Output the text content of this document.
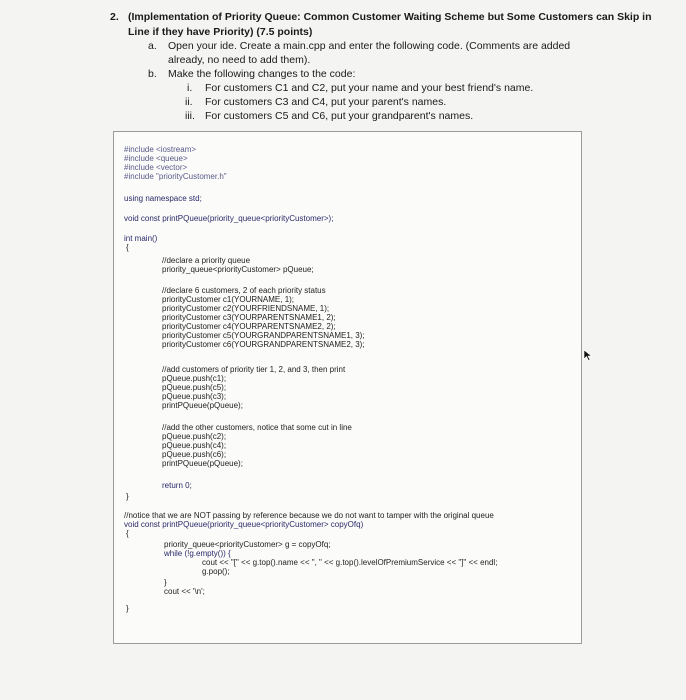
2. (Implementation of Priority Queue: Common Customer Waiting Scheme but Some Customers can Skip in Line if they have Priority) (7.5 points)
a. Open your ide. Create a main.cpp and enter the following code. (Comments are added
already, no need to add them).
b. Make the following changes to the code:
i. For customers C1 and C2, put your name and your best friend's name.
ii. For customers C3 and C4, put your parent's names.
iii. For customers C5 and C6, put your grandparent's names.
#include <iostream>
#include <queue>
#include <vector>
#include "priorityCustomer.h"
using namespace std;
void const printPQueue(priority_queue<priorityCustomer>);
int main()
{
//declare a priority queue
priority_queue<priorityCustomer> pQueue;
//declare 6 customers, 2 of each priority status
priorityCustomer c1(YOURNAME, 1);
priorityCustomer c2(YOURFRIENDSNAME, 1);
priorityCustomer c3(YOURPARENTSNAME1, 2);
priorityCustomer c4(YOURPARENTSNAME2, 2);
priorityCustomer c5(YOURGRANDPARENTSNAME1, 3);
priorityCustomer c6(YOURGRANDPARENTSNAME2, 3);
//add customers of priority tier 1, 2, and 3, then print
pQueue.push(c1);
pQueue.push(c5);
pQueue.push(c3);
printPQueue(pQueue);
//add the other customers, notice that some cut in line
pQueue.push(c2);
pQueue.push(c4);
pQueue.push(c6);
printPQueue(pQueue);
return 0;
}
//notice that we are NOT passing by reference because we do not want to tamper with the original queue
void const printPQueue(priority_queue<priorityCustomer> copyOfq)
{
priority_queue<priorityCustomer> g = copyOfq;
while (!g.empty()) {
cout << "[" << g.top().name << ", " << g.top().levelOfPremiumService << "]" << endl;
g.pop();
}
cout << '\n';
}
